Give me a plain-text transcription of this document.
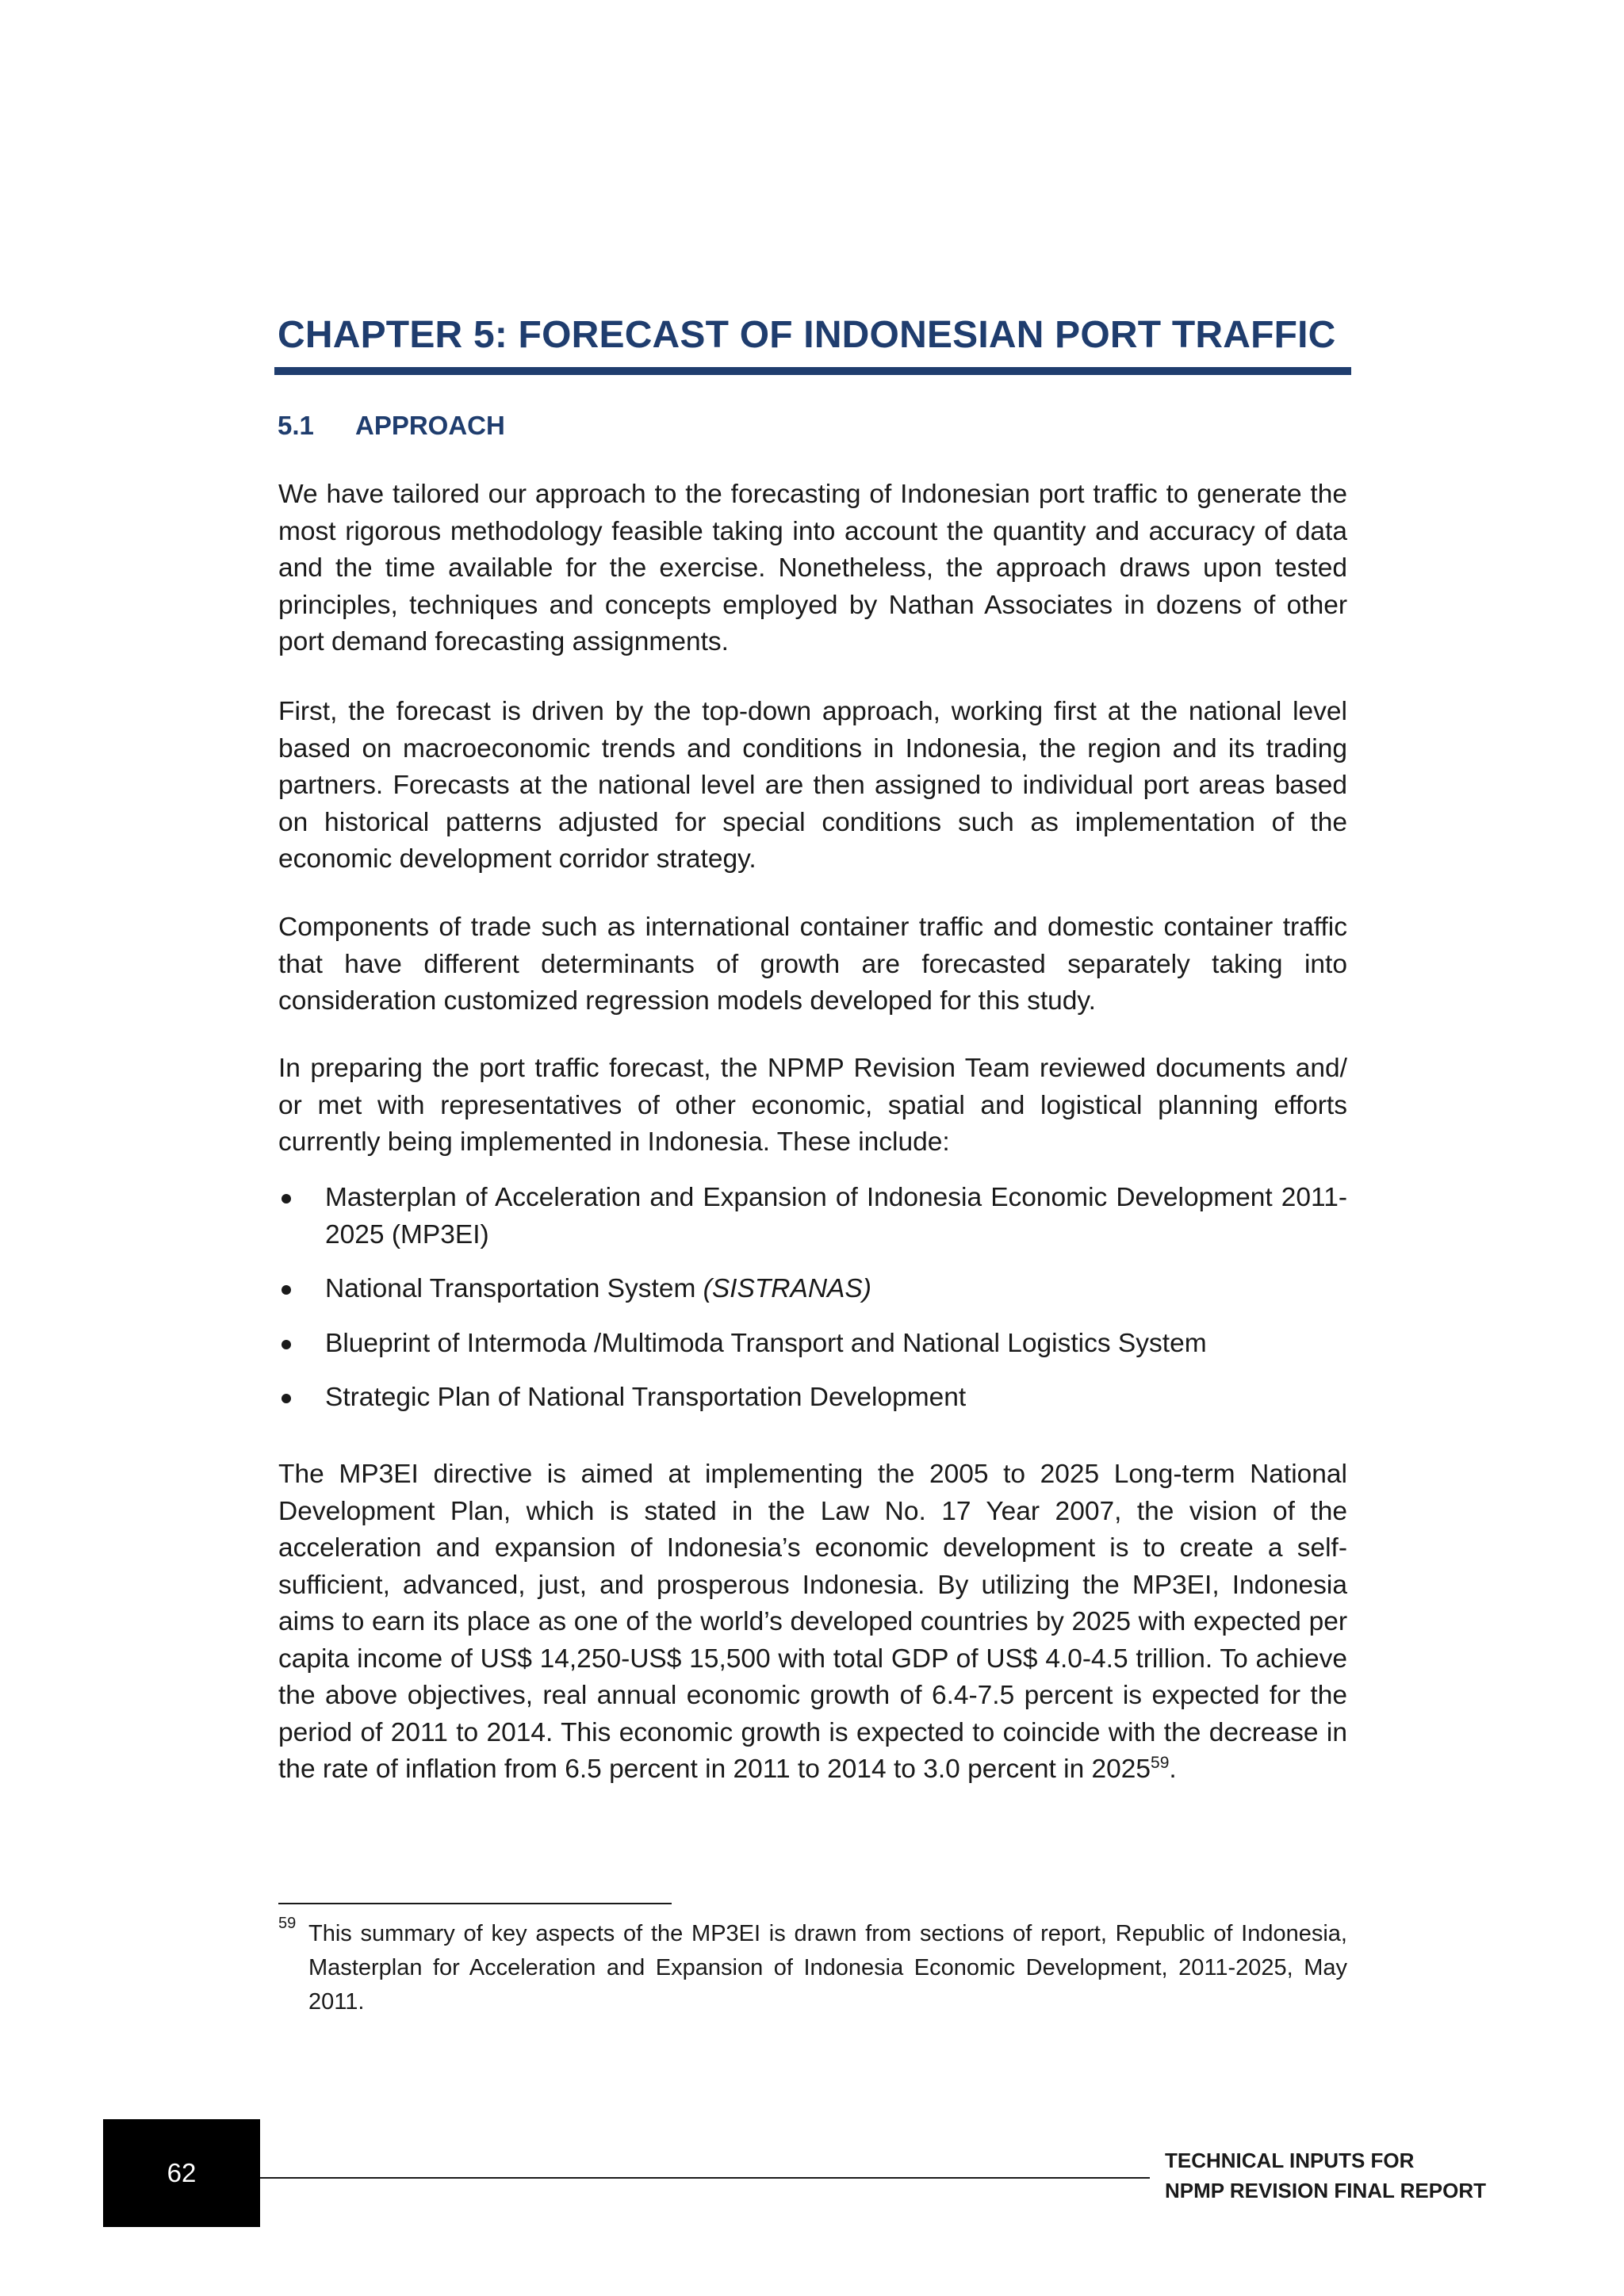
CHAPTER 5: FORECAST OF INDONESIAN PORT TRAFFIC
5.1 APPROACH

We have tailored our approach to the forecasting of Indonesian port traffic to generate the most rigorous methodology feasible taking into account the quantity and accuracy of data and the time available for the exercise. Nonetheless, the approach draws upon tested principles, techniques and concepts employed by Nathan Associates in dozens of other port demand forecasting assignments.

First, the forecast is driven by the top-down approach, working first at the national level based on macroeconomic trends and conditions in Indonesia, the region and its trading partners. Forecasts at the national level are then assigned to individual port areas based on historical patterns adjusted for special conditions such as implementation of the economic development corridor strategy.

Components of trade such as international container traffic and domestic container traffic that have different determinants of growth are forecasted separately taking into consideration customized regression models developed for this study.

In preparing the port traffic forecast, the NPMP Revision Team reviewed documents and/ or met with representatives of other economic, spatial and logistical planning efforts currently being implemented in Indonesia. These include:

Masterplan of Acceleration and Expansion of Indonesia Economic Development 2011-2025 (MP3EI)
National Transportation System (SISTRANAS)
Blueprint of Intermoda /Multimoda Transport and National Logistics System
Strategic Plan of National Transportation Development

The MP3EI directive is aimed at implementing the 2005 to 2025 Long-term National Development Plan, which is stated in the Law No. 17 Year 2007, the vision of the acceleration and expansion of Indonesia’s economic development is to create a self-sufficient, advanced, just, and prosperous Indonesia. By utilizing the MP3EI, Indonesia aims to earn its place as one of the world’s developed countries by 2025 with expected per capita income of US$ 14,250-US$ 15,500 with total GDP of US$ 4.0-4.5 trillion. To achieve the above objectives, real annual economic growth of 6.4-7.5 percent is expected for the period of 2011 to 2014. This economic growth is expected to coincide with the decrease in the rate of inflation from 6.5 percent in 2011 to 2014 to 3.0 percent in 2025$^{59}$.

59 This summary of key aspects of the MP3EI is drawn from sections of report, Republic of Indonesia, Masterplan for Acceleration and Expansion of Indonesia Economic Development, 2011-2025, May 2011.
62	TECHNICAL INPUTS FOR
NPMP REVISION FINAL REPORT
